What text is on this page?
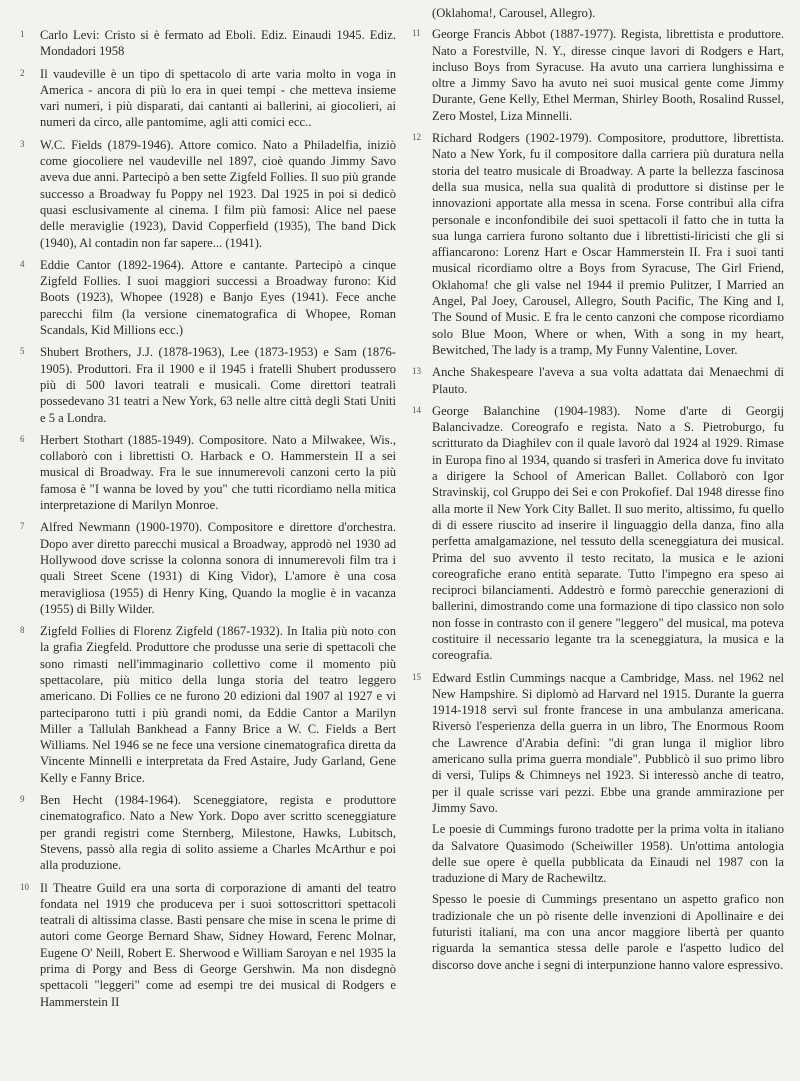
1 Carlo Levi: Cristo si è fermato ad Eboli. Ediz. Einaudi 1945. Ediz. Mondadori 1958

2 Il vaudeville è un tipo di spettacolo di arte varia molto in voga in America - ancora di più lo era in quei tempi - che metteva insieme vari numeri, i più disparati, dai cantanti ai ballerini, ai giocolieri, ai numeri da circo, alle pantomime, agli atti comici ecc..

3 W.C. Fields (1879-1946). Attore comico. Nato a Philadelfia, iniziò come giocoliere nel vaudeville nel 1897, cioè quando Jimmy Savo aveva due anni. Partecipò a ben sette Zigfeld Follies. Il suo più grande successo a Broadway fu Poppy nel 1923. Dal 1925 in poi si dedicò quasi esclusivamente al cinema. I film più famosi: Alice nel paese delle meraviglie (1923), David Copperfield (1935), The band Dick (1940), Al contadin non far sapere... (1941).

4 Eddie Cantor (1892-1964). Attore e cantante. Partecipò a cinque Zigfeld Follies. I suoi maggiori successi a Broadway furono: Kid Boots (1923), Whopee (1928) e Banjo Eyes (1941). Fece anche parecchi film (la versione cinematografica di Whopee, Roman Scandals, Kid Millions ecc.)

5 Shubert Brothers, J.J. (1878-1963), Lee (1873-1953) e Sam (1876-1905). Produttori. Fra il 1900 e il 1945 i fratelli Shubert produssero più di 500 lavori teatrali e musicali. Come direttori teatrali possedevano 31 teatri a New York, 63 nelle altre città degli Stati Uniti e 5 a Londra.

6 Herbert Stothart (1885-1949). Compositore. Nato a Milwakee, Wis., collaborò con i librettisti O. Harback e O. Hammerstein II a sei musical di Broadway. Fra le sue innumerevoli canzoni certo la più famosa è "I wanna be loved by you" che tutti ricordiamo nella mitica interpretazione di Marilyn Monroe.

7 Alfred Newmann (1900-1970). Compositore e direttore d'orchestra. Dopo aver diretto parecchi musical a Broadway, approdò nel 1930 ad Hollywood dove scrisse la colonna sonora di innumerevoli film tra i quali Street Scene (1931) di King Vidor), L'amore è una cosa meravigliosa (1955) di Henry King, Quando la moglie è in vacanza (1955) di Billy Wilder.

8 Zigfeld Follies di Florenz Zigfeld (1867-1932). In Italia più noto con la grafia Ziegfeld. Produttore che produsse una serie di spettacoli che sono rimasti nell'immaginario collettivo come il momento più spettacolare, più mitico della lunga storia del teatro leggero americano. Di Follies ce ne furono 20 edizioni dal 1907 al 1927 e vi parteciparono tutti i più grandi nomi, da Eddie Cantor a Marilyn Miller a Tallulah Bankhead a Fanny Brice a W. C. Fields a Bert Williams. Nel 1946 se ne fece una versione cinematografica diretta da Vincente Minnelli e interpretata da Fred Astaire, Judy Garland, Gene Kelly e Fanny Brice.

9 Ben Hecht (1984-1964). Sceneggiatore, regista e produttore cinematografico. Nato a New York. Dopo aver scritto sceneggiature per grandi registri come Sternberg, Milestone, Hawks, Lubitsch, Stevens, passò alla regia di solito assieme a Charles McArthur e poi alla produzione.

10 Il Theatre Guild era una sorta di corporazione di amanti del teatro fondata nel 1919 che produceva per i suoi sottoscrittori spettacoli teatrali di altissima classe. Basti pensare che mise in scena le prime di autori come George Bernard Shaw, Sidney Howard, Ferenc Molnar, Eugene O' Neill, Robert E. Sherwood e William Saroyan e nel 1935 la prima di Porgy and Bess di George Gershwin. Ma non disdegnò spettacoli "leggeri" come ad esempi tre dei musical di Rodgers e Hammerstein II

(Oklahoma!, Carousel, Allegro).

11 George Francis Abbot (1887-1977). Regista, librettista e produttore. Nato a Forestville, N. Y., diresse cinque lavori di Rodgers e Hart, incluso Boys from Syracuse. Ha avuto una carriera lunghissima e oltre a Jimmy Savo ha avuto nei suoi musical gente come Jimmy Durante, Gene Kelly, Ethel Merman, Shirley Booth, Rosalind Russel, Zero Mostel, Liza Minnelli.

12 Richard Rodgers (1902-1979). Compositore, produttore, librettista. Nato a New York, fu il compositore dalla carriera più duratura nella storia del teatro musicale di Broadway. A parte la bellezza fascinosa della sua musica, nella sua qualità di produttore si distinse per le innovazioni apportate alla messa in scena. Forse contribuì alla cifra personale e inconfondibile dei suoi spettacoli il fatto che in tutta la sua lunga carriera furono soltanto due i librettisti-liricisti che gli si affiancarono: Lorenz Hart e Oscar Hammerstein II. Fra i suoi tanti musical ricordiamo oltre a Boys from Syracuse, The Girl Friend, Oklahoma! che gli valse nel 1944 il premio Pulitzer, I Married an Angel, Pal Joey, Carousel, Allegro, South Pacific, The King and I, The Sound of Music. E fra le cento canzoni che compose ricordiamo solo Blue Moon, Where or when, With a song in my heart, Bewitched, The lady is a tramp, My Funny Valentine, Lover.

13 Anche Shakespeare l'aveva a sua volta adattata dai Menaechmi di Plauto.

14 George Balanchine (1904-1983). Nome d'arte di Georgij Balancivadze. Coreografo e regista. Nato a S. Pietroburgo, fu scritturato da Diaghilev con il quale lavorò dal 1924 al 1929. Rimase in Europa fino al 1934, quando si trasferì in America dove fu invitato a dirigere la School of American Ballet. Collaborò con Igor Stravinskij, col Gruppo dei Sei e con Prokofief. Dal 1948 diresse fino alla morte il New York City Ballet. Il suo merito, altissimo, fu quello di di essere riuscito ad inserire il linguaggio della danza, fino alla perfetta amalgamazione, nel tessuto della sceneggiatura dei musical. Prima del suo avvento il testo recitato, la musica e le azioni coreografiche erano entità separate. Tutto l'impegno era speso ai reciproci bilanciamenti. Addestrò e formò parecchie generazioni di ballerini, dimostrando come una formazione di tipo classico non solo non fosse in contrasto con il genere "leggero" del musical, ma poteva costituire il necessario legante tra la sceneggiatura, la musica e la coreografia.

15 Edward Estlin Cummings nacque a Cambridge, Mass. nel 1962 nel New Hampshire. Si diplomò ad Harvard nel 1915. Durante la guerra 1914-1918 servì sul fronte francese in una ambulanza americana. Riversò l'esperienza della guerra in un libro, The Enormous Room che Lawrence d'Arabia definì: "di gran lunga il miglior libro americano sulla prima guerra mondiale". Pubblicò il suo primo libro di versi, Tulips & Chimneys nel 1923. Si interessò anche di teatro, per il quale scrisse vari pezzi. Ebbe una grande ammirazione per Jimmy Savo.

Le poesie di Cummings furono tradotte per la prima volta in italiano da Salvatore Quasimodo (Scheiwiller 1958). Un'ottima antologia delle sue opere è quella pubblicata da Einaudi nel 1987 con la traduzione di Mary de Rachewiltz.

Spesso le poesie di Cummings presentano un aspetto grafico non tradizionale che un pò risente delle invenzioni di Apollinaire e dei futuristi italiani, ma con una ancor maggiore libertà per quanto riguarda la semantica stessa delle parole e l'aspetto ludico del discorso dove anche i segni di interpunzione hanno valore espressivo.
